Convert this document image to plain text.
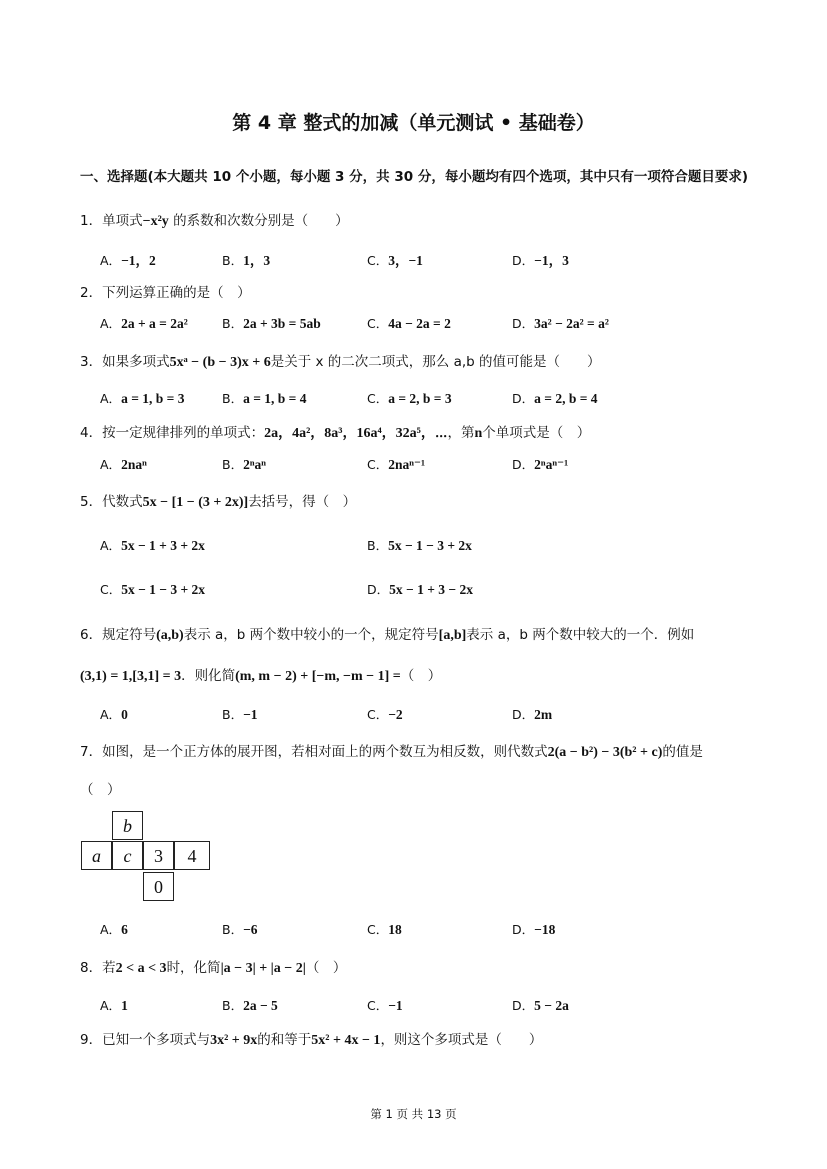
第 4 章 整式的加减（单元测试 • 基础卷）
一、选择题(本大题共 10 个小题，每小题 3 分，共 30 分，每小题均有四个选项，其中只有一项符合题目要求)
1．单项式−x²y 的系数和次数分别是（　　）
A．−1，2	B．1，3	C．3，−1	D．−1，3
2．下列运算正确的是（　）
A．2a + a = 2a²	B．2a + 3b = 5ab	C．4a − 2a = 2	D．3a² − 2a² = a²
3．如果多项式5xᵃ − (b − 3)x + 6是关于 x 的二次二项式，那么 a,b 的值可能是（　　）
A．a = 1, b = 3	B．a = 1, b = 4	C．a = 2, b = 3	D．a = 2, b = 4
4．按一定规律排列的单项式：2a，4a²，8a³，16a⁴，32a⁵，⋯，第n个单项式是（　）
A．2naⁿ	B．2ⁿaⁿ	C．2naⁿ⁻¹	D．2ⁿaⁿ⁻¹
5．代数式5x − [1 − (3 + 2x)]去括号，得（　）
A．5x − 1 + 3 + 2x	B．5x − 1 − 3 + 2x
C．5x − 1 − 3 + 2x	D．5x − 1 + 3 − 2x
6．规定符号(a,b)表示 a，b 两个数中较小的一个，规定符号[a,b]表示 a，b 两个数中较大的一个．例如
(3,1) = 1,[3,1] = 3．则化简(m, m − 2) + [−m, −m − 1] =（　）
A．0	B．−1	C．−2	D．2m
7．如图，是一个正方体的展开图，若相对面上的两个数互为相反数，则代数式2(a − b²) − 3(b² + c)的值是
（　）
b
a	c	3	4
0
A．6	B．−6	C．18	D．−18
8．若2 < a < 3时，化简|a − 3| + |a − 2|（　）
A．1	B．2a − 5	C．−1	D．5 − 2a
9．已知一个多项式与3x² + 9x的和等于5x² + 4x − 1，则这个多项式是（　　）
第 1 页 共 13 页
